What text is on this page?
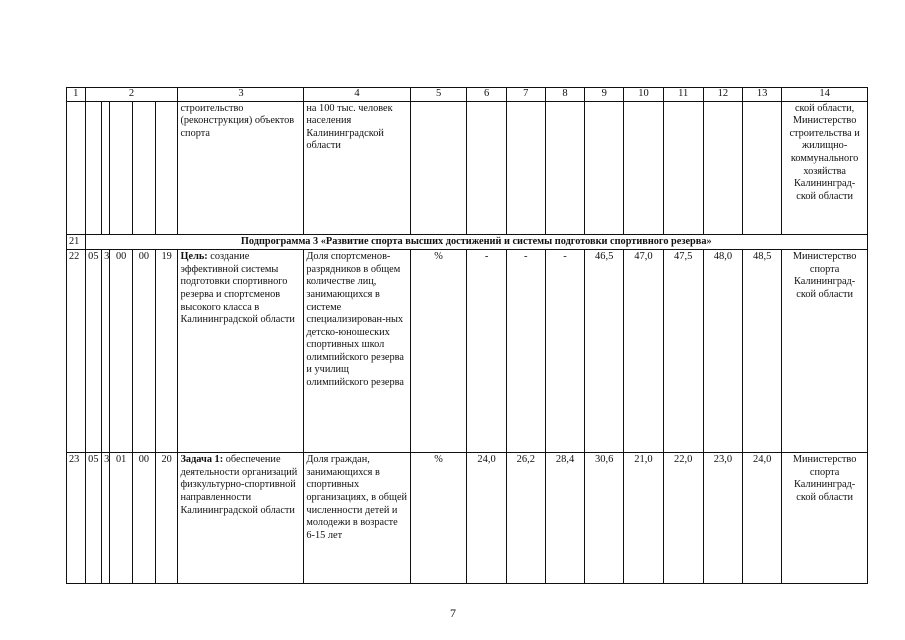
1	2					3	4	5	6	7	8	9	10	11	12	13	14
						строительство (реконструкция) объектов спорта	на 100 тыс. человек населения Калининградской области										ской области, Министерство строительства и жилищно-коммунального хозяйства Калининград-ской области
21	Подпрограмма 3 «Развитие спорта высших достижений и системы подготовки спортивного резерва»																
22	05	3	00	00	19	Цель: создание эффективной системы подготовки спортивного резерва и спортсменов высокого класса в Калининградской области	Доля спортсменов-разрядников в общем количестве лиц, занимающихся в системе специализирован-ных детско-юношеских спортивных школ олимпийского резерва и училищ олимпийского резерва	%	-	-	-	46,5	47,0	47,5	48,0	48,5	Министерство спорта Калининград-ской области
23	05	3	01	00	20	Задача 1: обеспечение деятельности организаций физкультурно-спортивной направленности Калининградской области	Доля граждан, занимающихся в спортивных организациях, в общей численности детей и молодежи в возрасте 6-15 лет	%	24,0	26,2	28,4	30,6	21,0	22,0	23,0	24,0	Министерство спорта Калининград-ской области
7
